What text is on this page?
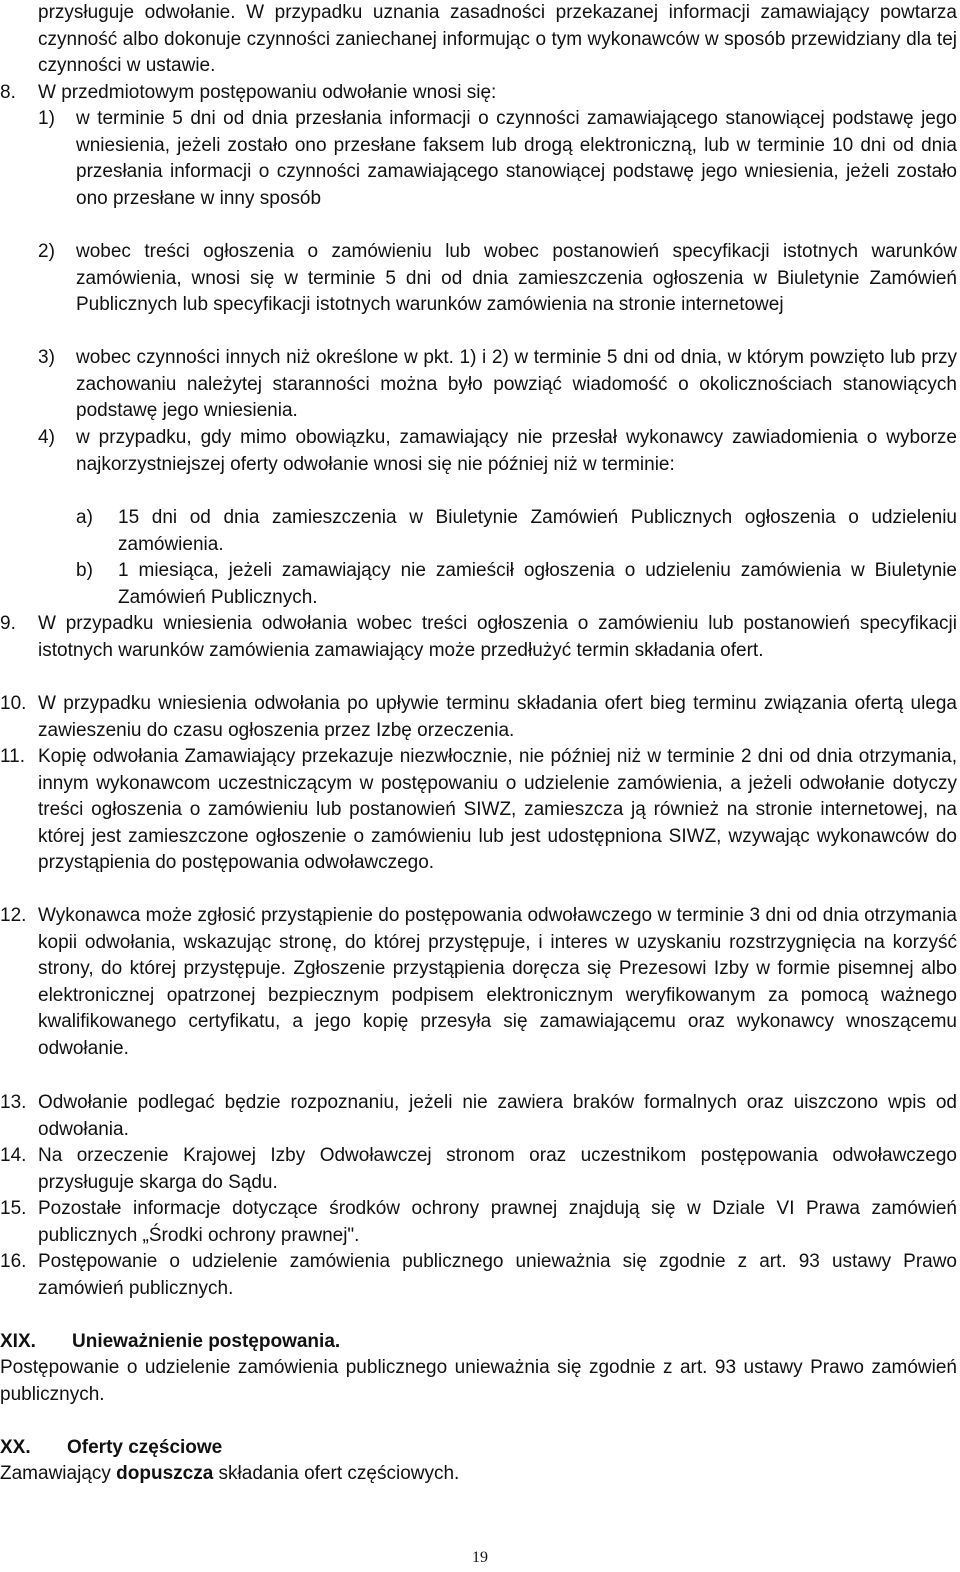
przysługuje odwołanie. W przypadku uznania zasadności przekazanej informacji zamawiający powtarza czynność albo dokonuje czynności zaniechanej informując o tym wykonawców w sposób przewidziany dla tej czynności w ustawie.

8.	W przedmiotowym postępowaniu odwołanie wnosi się:
1)	w terminie 5 dni od dnia przesłania informacji o czynności zamawiającego stanowiącej podstawę jego wniesienia, jeżeli zostało ono przesłane faksem lub drogą elektroniczną, lub w terminie 10 dni od dnia przesłania informacji o czynności zamawiającego stanowiącej podstawę jego wniesienia, jeżeli zostało ono przesłane w inny sposób
2)	wobec treści ogłoszenia o zamówieniu lub wobec postanowień specyfikacji istotnych warunków zamówienia, wnosi się w terminie 5 dni od dnia zamieszczenia ogłoszenia w Biuletynie Zamówień Publicznych lub specyfikacji istotnych warunków zamówienia na stronie internetowej
3)	wobec czynności innych niż określone w pkt. 1) i 2) w terminie 5 dni od dnia, w którym powzięto lub przy zachowaniu należytej staranności można było powziąć wiadomość o okolicznościach stanowiących podstawę jego wniesienia.
4)	w przypadku, gdy mimo obowiązku, zamawiający nie przesłał wykonawcy zawiadomienia o wyborze najkorzystniejszej oferty odwołanie wnosi się nie później niż w terminie:
a)	15 dni od dnia zamieszczenia w Biuletynie Zamówień Publicznych ogłoszenia o udzieleniu zamówienia.
b)	1 miesiąca, jeżeli zamawiający nie zamieścił ogłoszenia o udzieleniu zamówienia w Biuletynie Zamówień Publicznych.
9.	W przypadku wniesienia odwołania wobec treści ogłoszenia o zamówieniu lub postanowień specyfikacji istotnych warunków zamówienia zamawiający może przedłużyć termin składania ofert.
10. W przypadku wniesienia odwołania po upływie terminu składania ofert bieg terminu związania ofertą ulega zawieszeniu do czasu ogłoszenia przez Izbę orzeczenia.
11. Kopię odwołania Zamawiający przekazuje niezwłocznie, nie później niż w terminie 2 dni od dnia otrzymania, innym wykonawcom uczestniczącym w postępowaniu o udzielenie zamówienia, a jeżeli odwołanie dotyczy treści ogłoszenia o zamówieniu lub postanowień SIWZ, zamieszcza ją również na stronie internetowej, na której jest zamieszczone ogłoszenie o zamówieniu lub jest udostępniona SIWZ, wzywając wykonawców do przystąpienia do postępowania odwoławczego.
12. Wykonawca może zgłosić przystąpienie do postępowania odwoławczego w terminie 3 dni od dnia otrzymania kopii odwołania, wskazując stronę, do której przystępuje, i interes w uzyskaniu rozstrzygnięcia na korzyść strony, do której przystępuje. Zgłoszenie przystąpienia doręcza się Prezesowi Izby w formie pisemnej albo elektronicznej opatrzonej bezpiecznym podpisem elektronicznym weryfikowanym za pomocą ważnego kwalifikowanego certyfikatu, a jego kopię przesyła się zamawiającemu oraz wykonawcy wnoszącemu odwołanie.
13. Odwołanie podlegać będzie rozpoznaniu, jeżeli nie zawiera braków formalnych oraz uiszczono wpis od odwołania.
14. Na orzeczenie Krajowej Izby Odwoławczej stronom oraz uczestnikom postępowania odwoławczego przysługuje skarga do Sądu.
15. Pozostałe informacje dotyczące środków ochrony prawnej znajdują się w Dziale VI Prawa zamówień publicznych „Środki ochrony prawnej".
16. Postępowanie o udzielenie zamówienia publicznego unieważnia się zgodnie z art. 93 ustawy Prawo zamówień publicznych.
XIX. Unieważnienie postępowania.

Postępowanie o udzielenie zamówienia publicznego unieważnia się zgodnie z art. 93 ustawy Prawo zamówień publicznych.

XX. Oferty częściowe

Zamawiający dopuszcza składania ofert częściowych.

19
